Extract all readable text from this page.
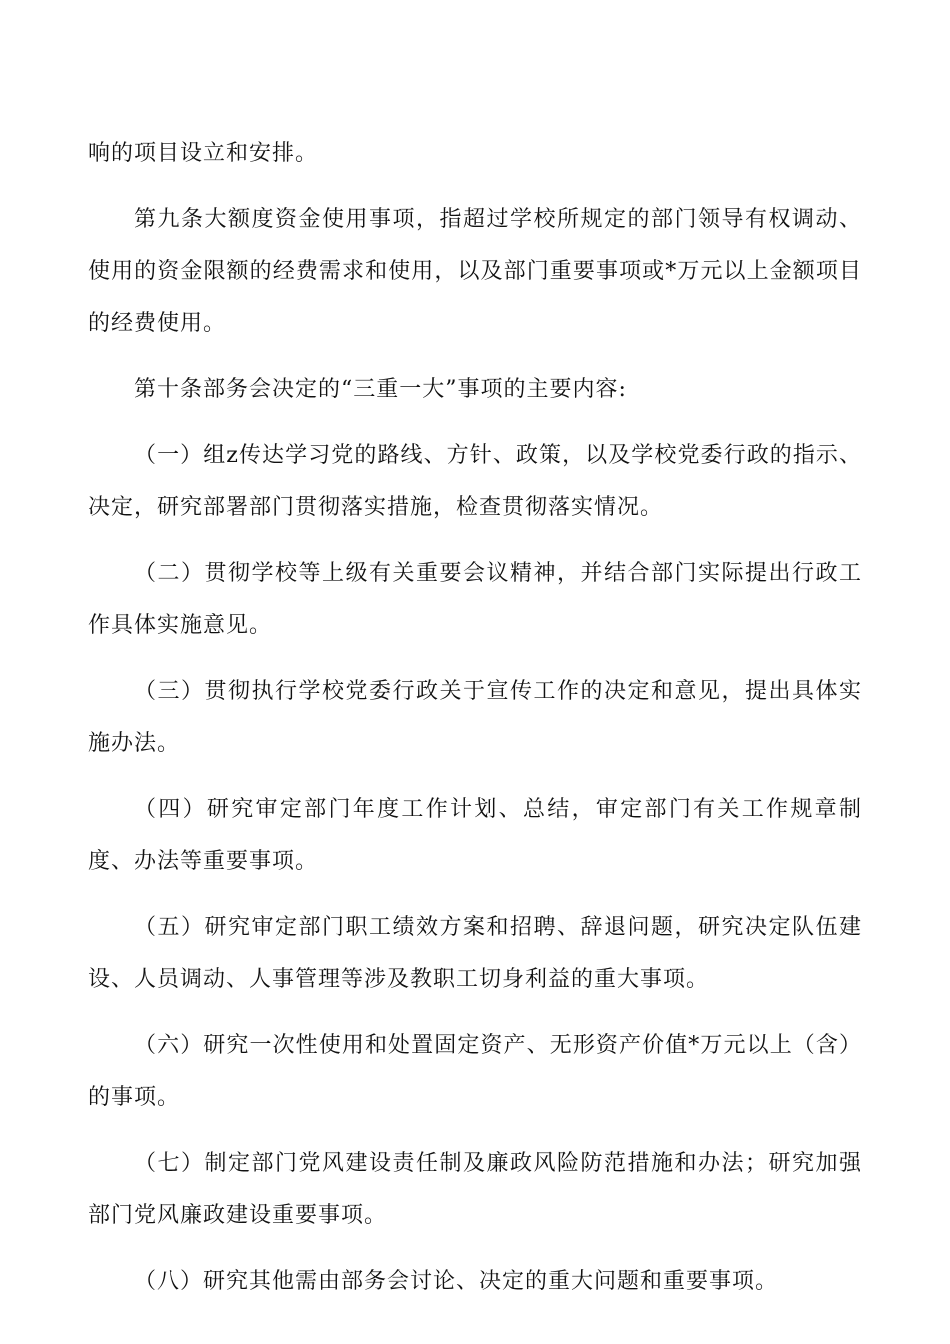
响的项目设立和安排。

第九条大额度资金使用事项，指超过学校所规定的部门领导有权调动、使用的资金限额的经费需求和使用，以及部门重要事项或*万元以上金额项目的经费使用。

第十条部务会决定的“三重一大”事项的主要内容:

（一）组z传达学习党的路线、方针、政策，以及学校党委行政的指示、决定，研究部署部门贯彻落实措施，检查贯彻落实情况。

（二）贯彻学校等上级有关重要会议精神，并结合部门实际提出行政工作具体实施意见。

（三）贯彻执行学校党委行政关于宣传工作的决定和意见，提出具体实施办法。

（四）研究审定部门年度工作计划、总结，审定部门有关工作规章制度、办法等重要事项。

（五）研究审定部门职工绩效方案和招聘、辞退问题，研究决定队伍建设、人员调动、人事管理等涉及教职工切身利益的重大事项。

（六）研究一次性使用和处置固定资产、无形资产价值*万元以上（含）的事项。

（七）制定部门党风建设责任制及廉政风险防范措施和办法；研究加强部门党风廉政建设重要事项。

（八）研究其他需由部务会讨论、决定的重大问题和重要事项。
